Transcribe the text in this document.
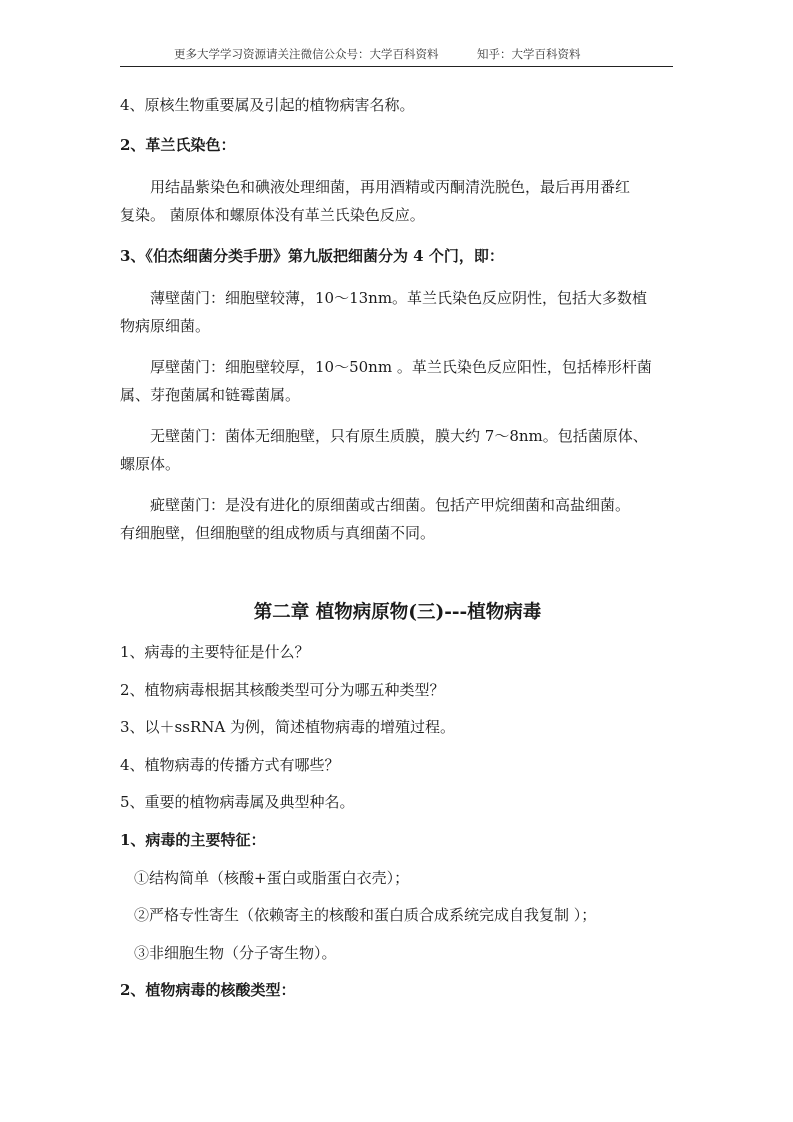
更多大学学习资源请关注微信公众号：大学百科资料	知乎：大学百科资料
4、原核生物重要属及引起的植物病害名称。
2、革兰氏染色：
用结晶紫染色和碘液处理细菌，再用酒精或丙酮清洗脱色，最后再用番红
复染。 菌原体和螺原体没有革兰氏染色反应。
3、《伯杰细菌分类手册》第九版把细菌分为 4 个门，即：
薄壁菌门：细胞壁较薄，10～13nm。革兰氏染色反应阴性，包括大多数植
物病原细菌。
厚壁菌门：细胞壁较厚，10～50nm 。革兰氏染色反应阳性，包括棒形杆菌
属、芽孢菌属和链霉菌属。
无壁菌门：菌体无细胞壁，只有原生质膜，膜大约 7～8nm。包括菌原体、
螺原体。
疵壁菌门：是没有进化的原细菌或古细菌。包括产甲烷细菌和高盐细菌。
有细胞壁，但细胞壁的组成物质与真细菌不同。
第二章 植物病原物(三)---植物病毒
1、病毒的主要特征是什么？
2、植物病毒根据其核酸类型可分为哪五种类型？
3、以＋ssRNA 为例，简述植物病毒的增殖过程。
4、植物病毒的传播方式有哪些？
5、重要的植物病毒属及典型种名。
1、病毒的主要特征：
①结构简单（核酸+蛋白或脂蛋白衣壳）；
②严格专性寄生（依赖寄主的核酸和蛋白质合成系统完成自我复制 ）；
③非细胞生物（分子寄生物）。
2、植物病毒的核酸类型：
